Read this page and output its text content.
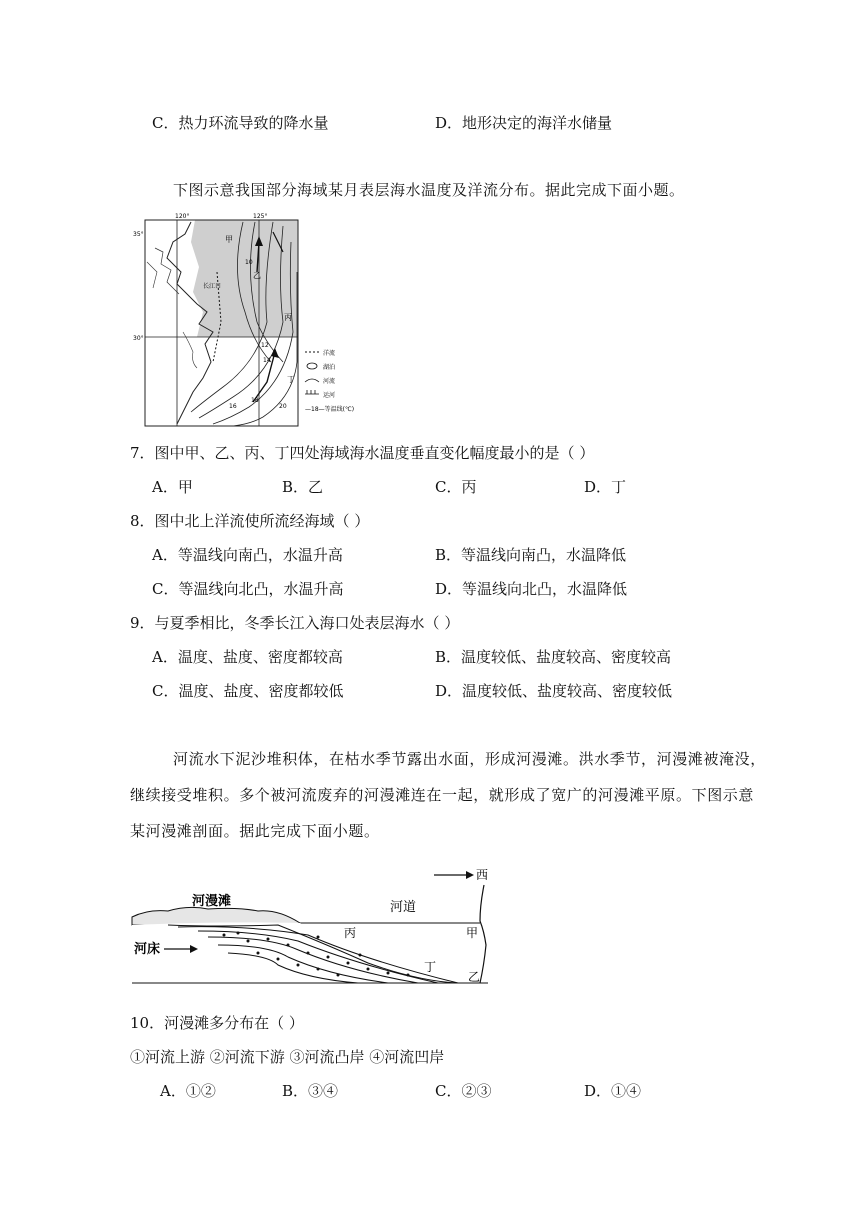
C．热力环流导致的降水量	D．地形决定的海洋水储量
下图示意我国部分海域某月表层海水温度及洋流分布。据此完成下面小题。
120°	125°
35°
30°
甲
乙
丙
丁
长江口
10
12
14
16
18
20
洋流
湖泊
河流
运河
—18—等温线(℃)
7．图中甲、乙、丙、丁四处海域海水温度垂直变化幅度最小的是（ ）
A．甲	B．乙	C．丙	D．丁
8．图中北上洋流使所流经海域（ ）
A．等温线向南凸，水温升高	B．等温线向南凸，水温降低
C．等温线向北凸，水温升高	D．等温线向北凸，水温降低
9．与夏季相比，冬季长江入海口处表层海水（ ）
A．温度、盐度、密度都较高	B．温度较低、盐度较高、密度较高
C．温度、盐度、密度都较低	D．温度较低、盐度较高、密度较低
河流水下泥沙堆积体，在枯水季节露出水面，形成河漫滩。洪水季节，河漫滩被淹没，
继续接受堆积。多个被河流废弃的河漫滩连在一起，就形成了宽广的河漫滩平原。下图示意
某河漫滩剖面。据此完成下面小题。
西
河漫滩	河道
河床
甲
乙
丙
丁
10．河漫滩多分布在（ ）
①河流上游 ②河流下游 ③河流凸岸 ④河流凹岸
A．①②	B．③④	C．②③	D．①④
